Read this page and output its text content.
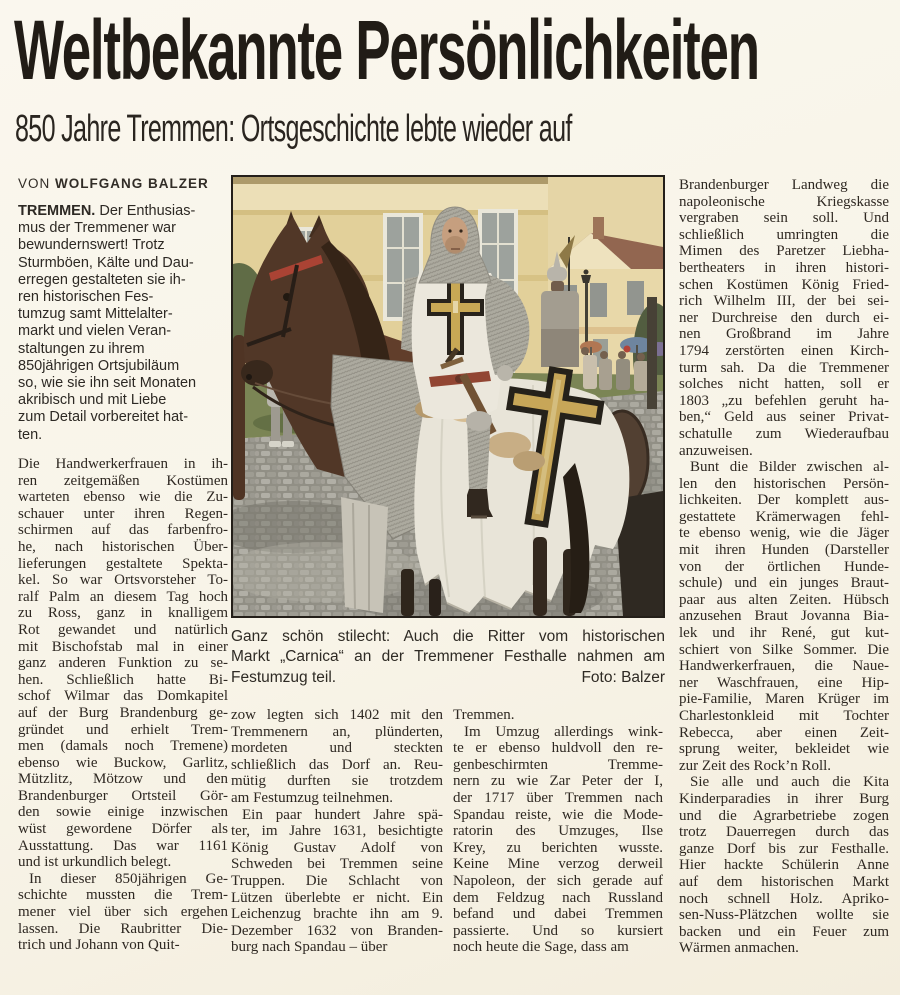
Weltbekannte Persönlichkeiten
850 Jahre Tremmen: Ortsgeschichte lebte wieder auf
VON WOLFGANG BALZER
TREMMEN. Der Enthusias-
mus der Tremmener war
bewundernswert! Trotz
Sturmböen, Kälte und Dau-
erregen gestalteten sie ih-
ren historischen Fes-
tumzug samt Mittelalter-
markt und vielen Veran-
staltungen zu ihrem
850jährigen Ortsjubiläum
so, wie sie ihn seit Monaten
akribisch und mit Liebe
zum Detail vorbereitet hat-
ten.
Die Handwerkerfrauen in ih-
ren zeitgemäßen Kostümen
warteten ebenso wie die Zu-
schauer unter ihren Regen-
schirmen auf das farbenfro-
he, nach historischen Über-
lieferungen gestaltete Spekta-
kel. So war Ortsvorsteher To-
ralf Palm an diesem Tag hoch
zu Ross, ganz in knalligem
Rot gewandet und natürlich
mit Bischofstab mal in einer
ganz anderen Funktion zu se-
hen. Schließlich hatte Bi-
schof Wilmar das Domkapitel
auf der Burg Brandenburg ge-
gründet und erhielt Trem-
men (damals noch Tremene)
ebenso wie Buckow, Garlitz,
Mützlitz, Mötzow und den
Brandenburger Ortsteil Gör-
den sowie einige inzwischen
wüst gewordene Dörfer als
Ausstattung. Das war 1161
und ist urkundlich belegt.
In dieser 850jährigen Ge-
schichte mussten die Trem-
mener viel über sich ergehen
lassen. Die Raubritter Die-
trich und Johann von Quit-
Ganz schön stilecht: Auch die Ritter vom historischen
Markt „Carnica“ an der Tremmener Festhalle nahmen am
Festumzug teil.	Foto: Balzer
zow legten sich 1402 mit den
Tremmenern an, plünderten,
mordeten und steckten
schließlich das Dorf an. Reu-
mütig durften sie trotzdem
am Festumzug teilnehmen.
Ein paar hundert Jahre spä-
ter, im Jahre 1631, besichtigte
König Gustav Adolf von
Schweden bei Tremmen seine
Truppen. Die Schlacht von
Lützen überlebte er nicht. Ein
Leichenzug brachte ihn am 9.
Dezember 1632 von Branden-
burg nach Spandau – über
Tremmen.
Im Umzug allerdings wink-
te er ebenso huldvoll den re-
genbeschirmten Tremme-
nern zu wie Zar Peter der I,
der 1717 über Tremmen nach
Spandau reiste, wie die Mode-
ratorin des Umzuges, Ilse
Krey, zu berichten wusste.
Keine Mine verzog derweil
Napoleon, der sich gerade auf
dem Feldzug nach Russland
befand und dabei Tremmen
passierte. Und so kursiert
noch heute die Sage, dass am
Brandenburger Landweg die
napoleonische Kriegskasse
vergraben sein soll. Und
schließlich umringten die
Mimen des Paretzer Liebha-
bertheaters in ihren histori-
schen Kostümen König Fried-
rich Wilhelm III, der bei sei-
ner Durchreise den durch ei-
nen Großbrand im Jahre
1794 zerstörten einen Kirch-
turm sah. Da die Tremmener
solches nicht hatten, soll er
1803 „zu befehlen geruht ha-
ben,“ Geld aus seiner Privat-
schatulle zum Wiederaufbau
anzuweisen.
Bunt die Bilder zwischen al-
len den historischen Persön-
lichkeiten. Der komplett aus-
gestattete Krämerwagen fehl-
te ebenso wenig, wie die Jäger
mit ihren Hunden (Darsteller
von der örtlichen Hunde-
schule) und ein junges Braut-
paar aus alten Zeiten. Hübsch
anzusehen Braut Jovanna Bia-
lek und ihr René, gut kut-
schiert von Silke Sommer. Die
Handwerkerfrauen, die Naue-
ner Waschfrauen, eine Hip-
pie-Familie, Maren Krüger im
Charlestonkleid mit Tochter
Rebecca, aber einen Zeit-
sprung weiter, bekleidet wie
zur Zeit des Rock’n Roll.
Sie alle und auch die Kita
Kinderparadies in ihrer Burg
und die Agrarbetriebe zogen
trotz Dauerregen durch das
ganze Dorf bis zur Festhalle.
Hier hackte Schülerin Anne
auf dem historischen Markt
noch schnell Holz. Apriko-
sen-Nuss-Plätzchen wollte sie
backen und ein Feuer zum
Wärmen anmachen.
